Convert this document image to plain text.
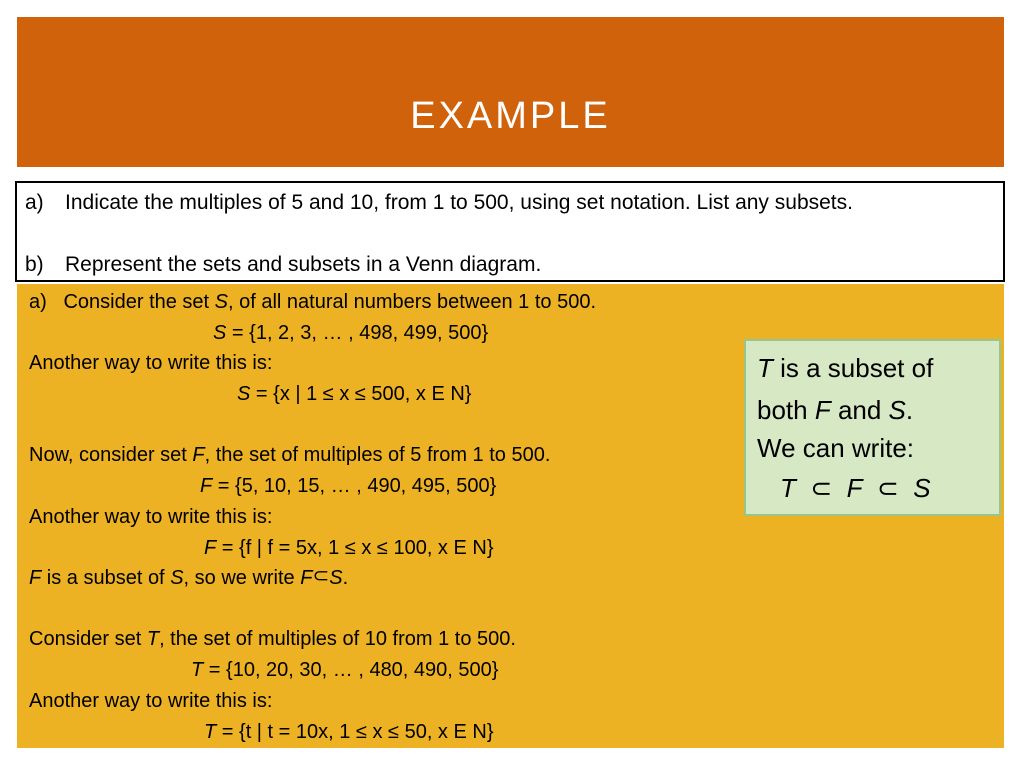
EXAMPLE
a) Indicate the multiples of 5 and 10, from 1 to 500, using set notation. List any subsets.
b) Represent the sets and subsets in a Venn diagram.
a) Consider the set S, of all natural numbers between 1 to 500.
S = {1, 2, 3, … , 498, 499, 500}
Another way to write this is:
S = {x | 1 ≤ x ≤ 500, x E N}
Now, consider set F, the set of multiples of 5 from 1 to 500.
F = {5, 10, 15, … , 490, 495, 500}
Another way to write this is:
F = {f | f = 5x, 1 ≤ x ≤ 100, x E N}
F is a subset of S, so we write F⊂S.
Consider set T, the set of multiples of 10 from 1 to 500.
T = {10, 20, 30, … , 480, 490, 500}
Another way to write this is:
T = {t | t = 10x, 1 ≤ x ≤ 50, x E N}
T is a subset of
both F and S.
We can write:
T ⊂ F ⊂ S
